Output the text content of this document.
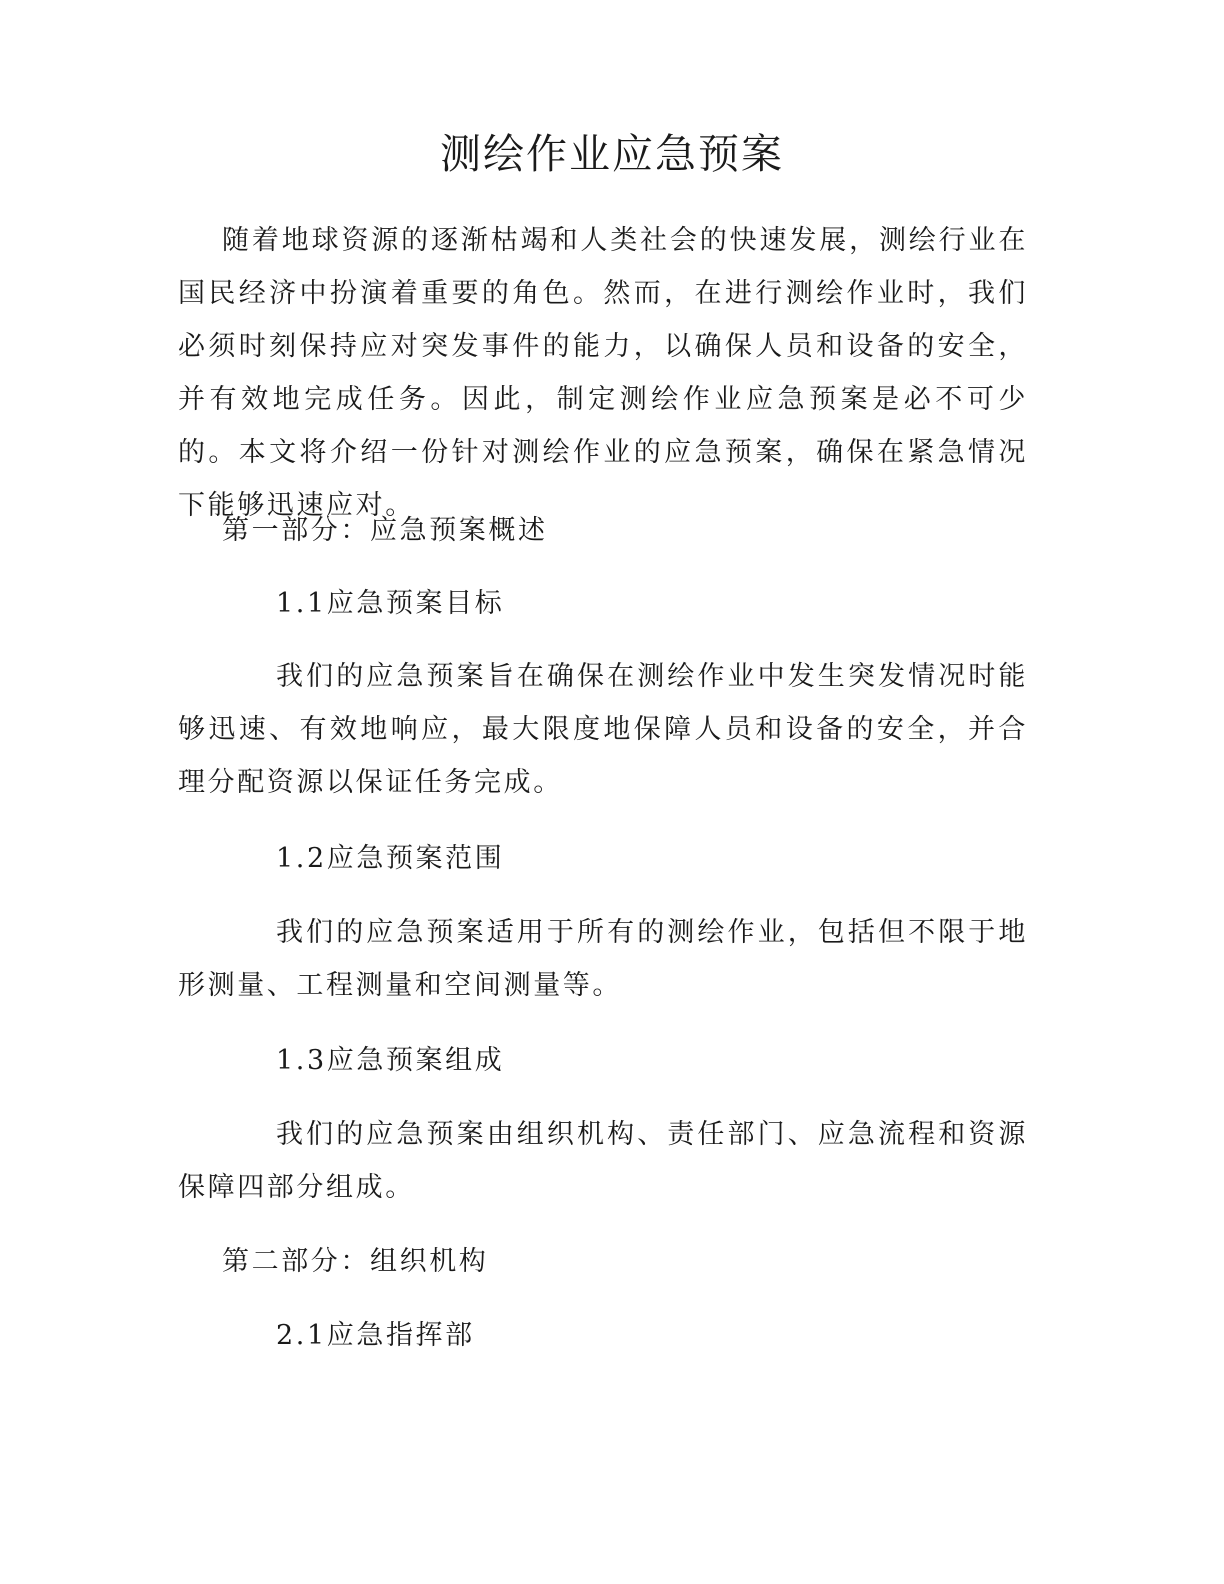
测绘作业应急预案

随着地球资源的逐渐枯竭和人类社会的快速发展，测绘行业在国民经济中扮演着重要的角色。然而，在进行测绘作业时，我们必须时刻保持应对突发事件的能力，以确保人员和设备的安全，并有效地完成任务。因此，制定测绘作业应急预案是必不可少的。本文将介绍一份针对测绘作业的应急预案，确保在紧急情况下能够迅速应对。

第一部分：应急预案概述

1.1应急预案目标

我们的应急预案旨在确保在测绘作业中发生突发情况时能够迅速、有效地响应，最大限度地保障人员和设备的安全，并合理分配资源以保证任务完成。

1.2应急预案范围

我们的应急预案适用于所有的测绘作业，包括但不限于地形测量、工程测量和空间测量等。

1.3应急预案组成

我们的应急预案由组织机构、责任部门、应急流程和资源保障四部分组成。

第二部分：组织机构

2.1应急指挥部
